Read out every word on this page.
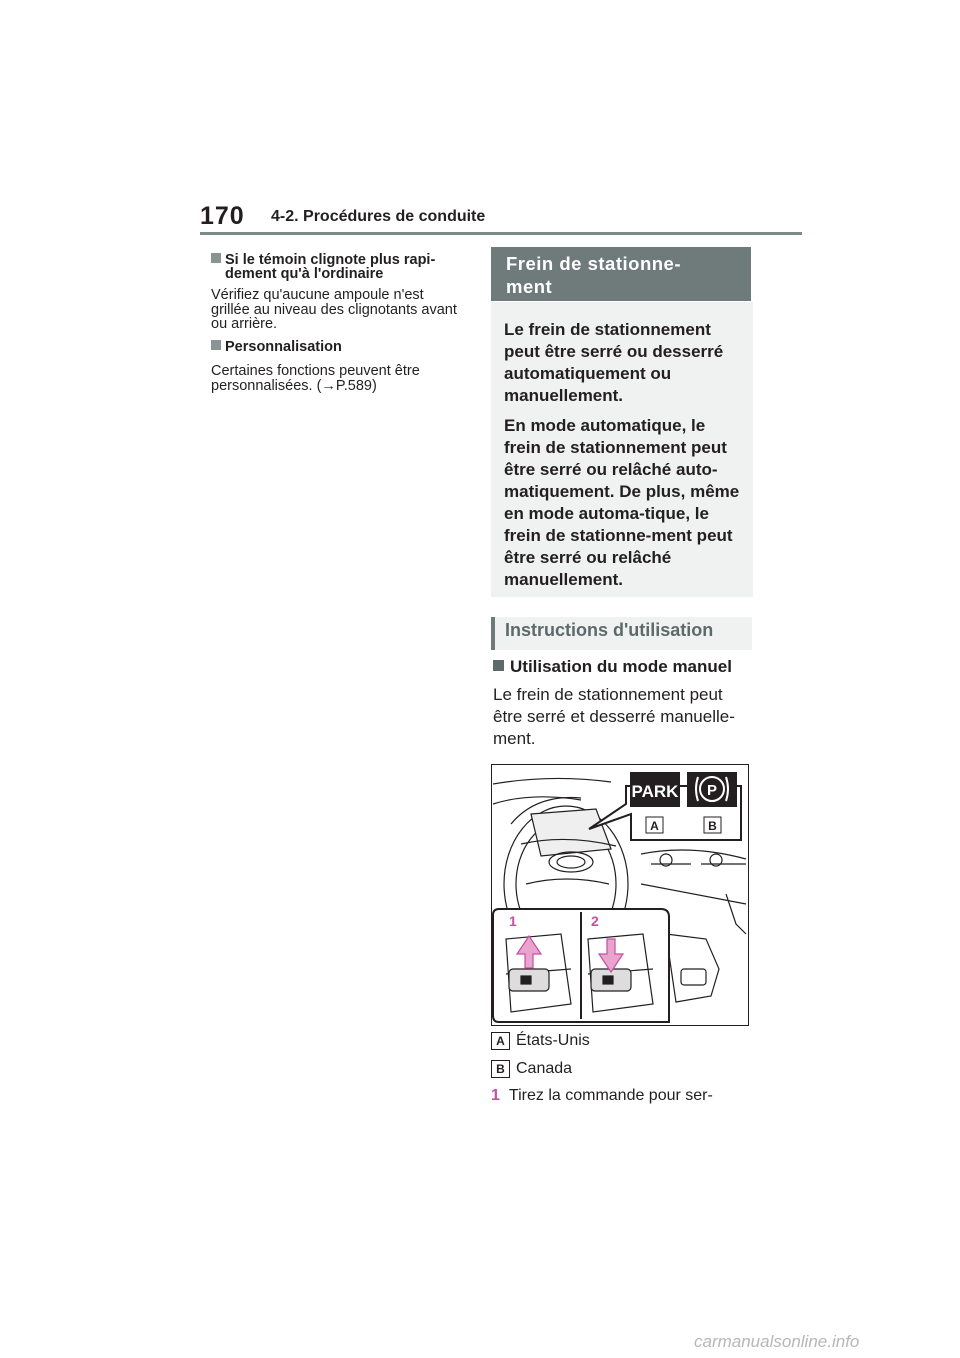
170 4-2. Procédures de conduite
Si le témoin clignote plus rapi-
dement qu'à l'ordinaire
Vérifiez qu'aucune ampoule n'est grillée au niveau des clignotants avant ou arrière.
Personnalisation
Certaines fonctions peuvent être personnalisées. (→P.589)
Frein de stationne-
ment

Le frein de stationnement peut être serré ou desserré automatiquement ou manuellement.

En mode automatique, le frein de stationnement peut être serré ou relâché auto-matiquement. De plus, même en mode automa-tique, le frein de stationne-ment peut être serré ou relâché manuellement.

Instructions d'utilisation
Utilisation du mode manuel
Le frein de stationnement peut être serré et desserré manuelle-ment.
PARK P
A	B
1	2
A États-Unis
B Canada
1 Tirez la commande pour ser-
carmanualsonline.info
